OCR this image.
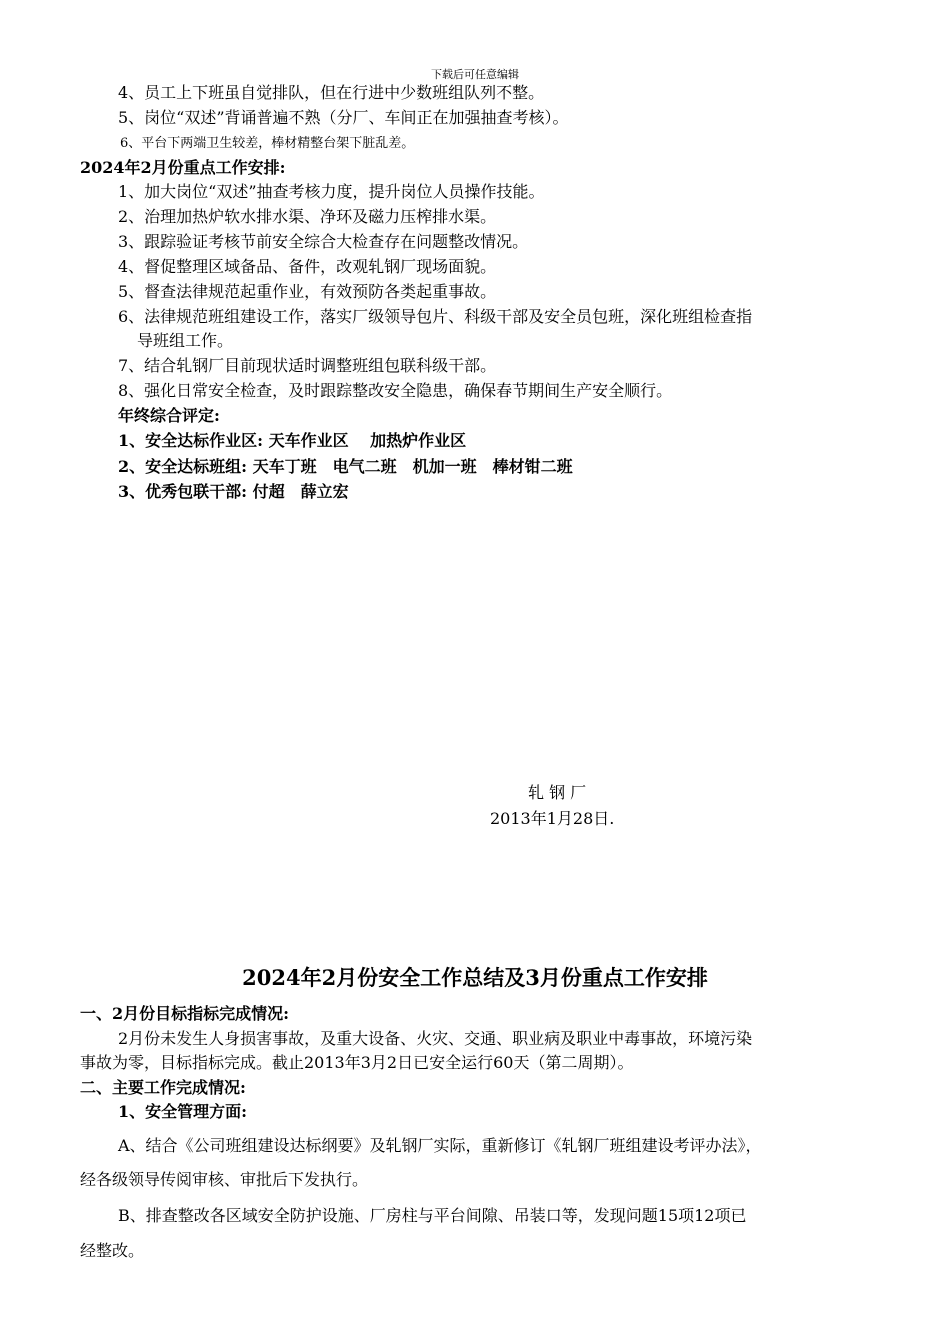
下载后可任意编辑
4、员工上下班虽自觉排队，但在行进中少数班组队列不整。
5、岗位“双述”背诵普遍不熟（分厂、车间正在加强抽查考核）。
6、平台下两端卫生较差，棒材精整台架下脏乱差。
2024年2月份重点工作安排:
1、加大岗位“双述”抽查考核力度，提升岗位人员操作技能。
2、治理加热炉软水排水渠、净环及磁力压榨排水渠。
3、跟踪验证考核节前安全综合大检查存在问题整改情况。
4、督促整理区域备品、备件，改观轧钢厂现场面貌。
5、督查法律规范起重作业，有效预防各类起重事故。
6、法律规范班组建设工作，落实厂级领导包片、科级干部及安全员包班，深化班组检查指
导班组工作。
7、结合轧钢厂目前现状适时调整班组包联科级干部。
8、强化日常安全检查，及时跟踪整改安全隐患，确保春节期间生产安全顺行。
年终综合评定:
1、安全达标作业区: 天车作业区　 加热炉作业区
2、安全达标班组: 天车丁班　电气二班　机加一班　棒材钳二班
3、优秀包联干部: 付超　薛立宏
轧 钢 厂
2013年1月28日.
2024年2月份安全工作总结及3月份重点工作安排
一、2月份目标指标完成情况:
2月份未发生人身损害事故，及重大设备、火灾、交通、职业病及职业中毒事故，环境污染
事故为零，目标指标完成。截止2013年3月2日已安全运行60天（第二周期）。
二、主要工作完成情况:
1、安全管理方面:
A、结合《公司班组建设达标纲要》及轧钢厂实际，重新修订《轧钢厂班组建设考评办法》，
经各级领导传阅审核、审批后下发执行。
B、排查整改各区域安全防护设施、厂房柱与平台间隙、吊装口等，发现问题15项12项已
经整改。
